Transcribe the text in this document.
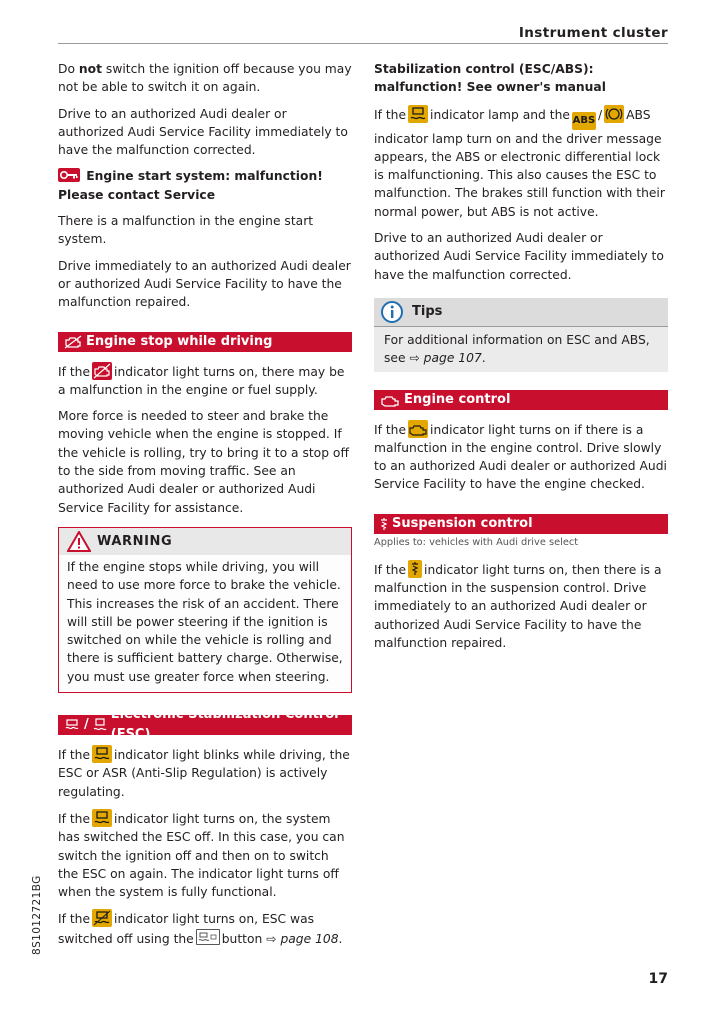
Instrument cluster

Do not switch the ignition off because you may not be able to switch it on again.

Drive to an authorized Audi dealer or authorized Audi Service Facility immediately to have the malfunction corrected.

Engine start system: malfunction! Please contact Service

There is a malfunction in the engine start system.

Drive immediately to an authorized Audi dealer or authorized Audi Service Facility to have the malfunction repaired.

Engine stop while driving

If the indicator light turns on, there may be a malfunction in the engine or fuel supply.

More force is needed to steer and brake the moving vehicle when the engine is stopped. If the vehicle is rolling, try to bring it to a stop off to the side from moving traffic. See an authorized Audi dealer or authorized Audi Service Facility for assistance.

WARNING
If the engine stops while driving, you will need to use more force to brake the vehicle. This increases the risk of an accident. There will still be power steering if the ignition is switched on while the vehicle is rolling and there is sufficient battery charge. Otherwise, you must use greater force when steering.
/
Electronic Stabilization Control (ESC)

If the indicator light blinks while driving, the ESC or ASR (Anti-Slip Regulation) is actively regulating.

If the indicator light turns on, the system has switched the ESC off. In this case, you can switch the ignition off and then on to switch the ESC on again. The indicator light turns off when the system is fully functional.

If the indicator light turns on, ESC was switched off using the button ⇨ page 108.

Stabilization control (ESC/ABS): malfunction! See owner's manual

If the indicator lamp and the ABS / ABS indicator lamp turn on and the driver message appears, the ABS or electronic differential lock is malfunctioning. This also causes the ESC to malfunction. The brakes still function with their normal power, but ABS is not active.

Drive to an authorized Audi dealer or authorized Audi Service Facility immediately to have the malfunction corrected.

Tips
For additional information on ESC and ABS, see ⇨ page 107.
Engine control

If the indicator light turns on if there is a malfunction in the engine control. Drive slowly to an authorized Audi dealer or authorized Audi Service Facility to have the engine checked.

Suspension control
Applies to: vehicles with Audi drive select

If the indicator light turns on, then there is a malfunction in the suspension control. Drive immediately to an authorized Audi dealer or authorized Audi Service Facility to have the malfunction repaired.

8S1012721BG
17
